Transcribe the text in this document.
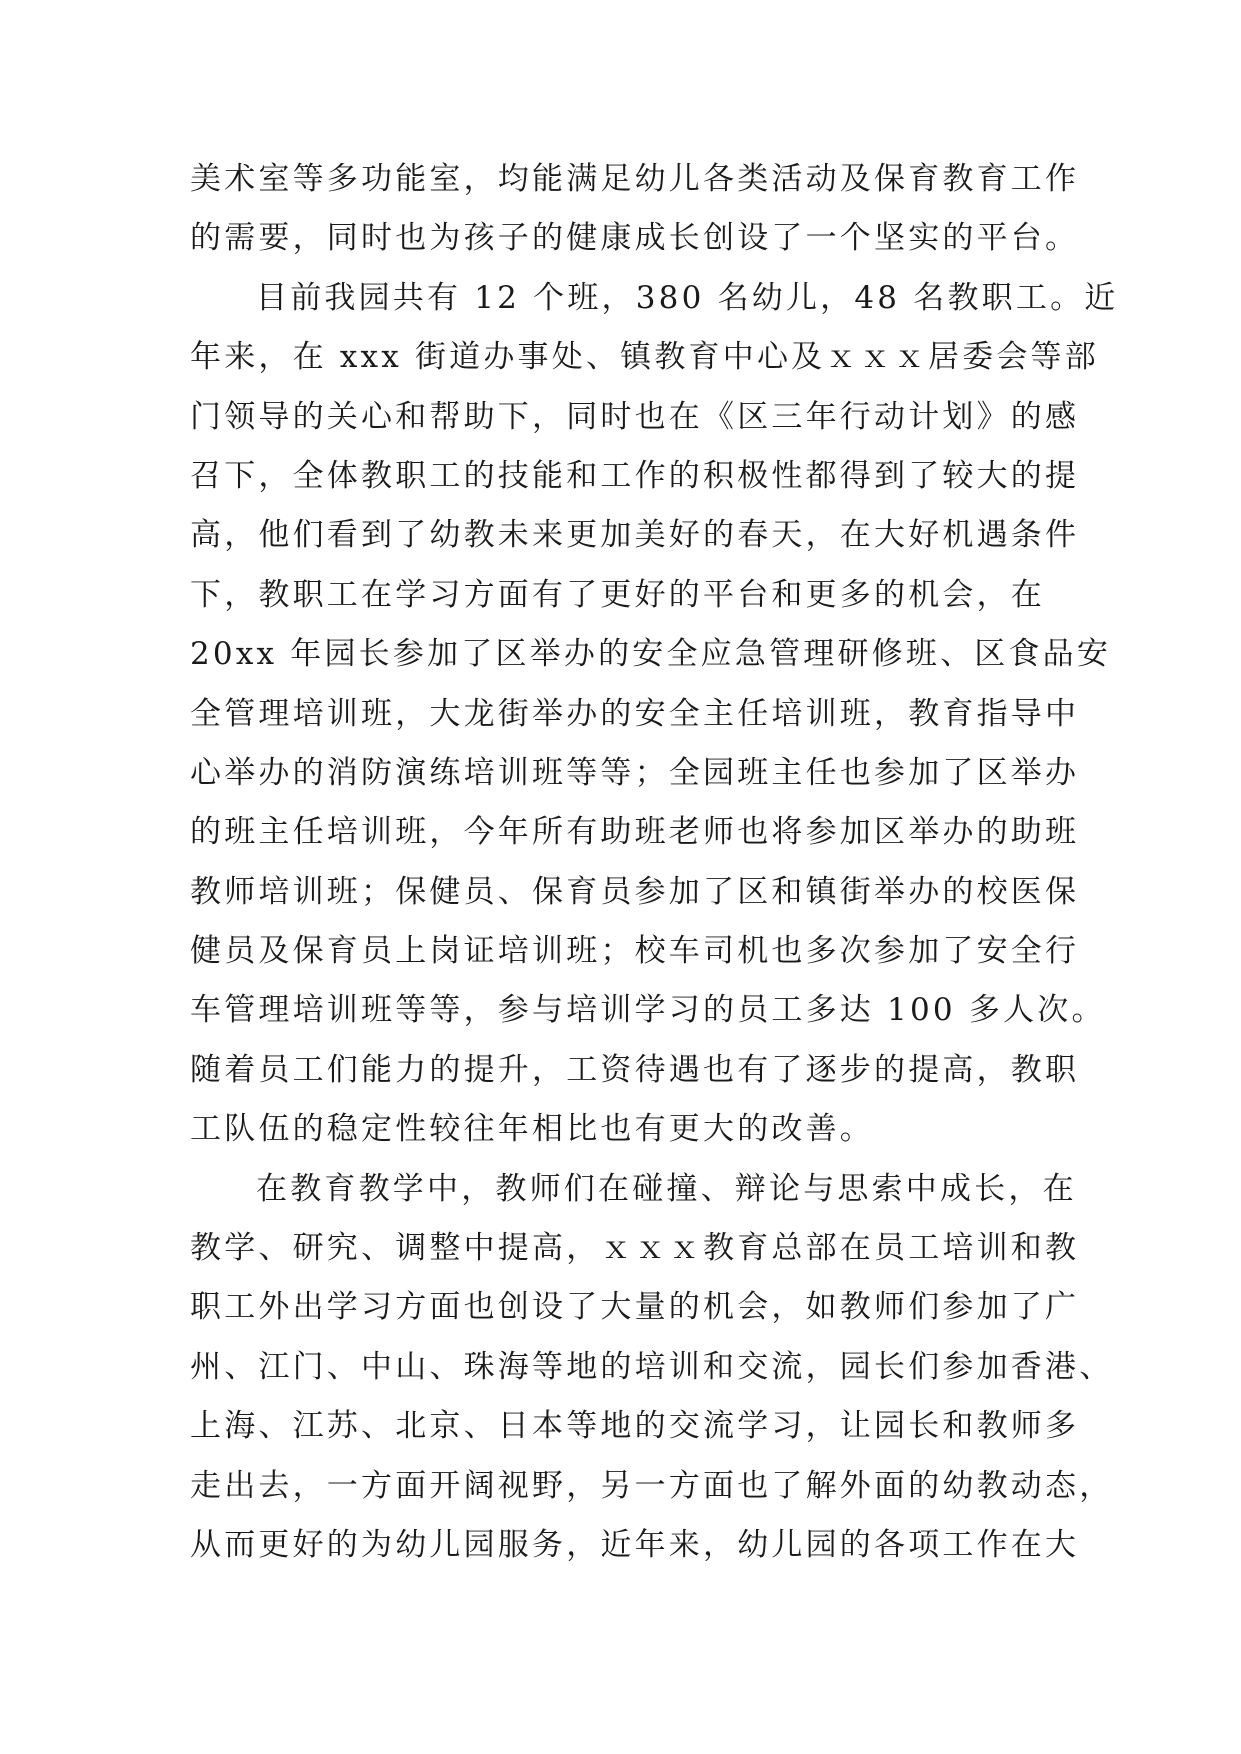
美术室等多功能室，均能满足幼儿各类活动及保育教育工作
的需要，同时也为孩子的健康成长创设了一个坚实的平台。
目前我园共有 12 个班，380 名幼儿，48 名教职工。近
年来，在 xxx 街道办事处、镇教育中心及ｘｘｘ居委会等部
门领导的关心和帮助下，同时也在《区三年行动计划》的感
召下，全体教职工的技能和工作的积极性都得到了较大的提
高，他们看到了幼教未来更加美好的春天，在大好机遇条件
下，教职工在学习方面有了更好的平台和更多的机会，在
20xx 年园长参加了区举办的安全应急管理研修班、区食品安
全管理培训班，大龙街举办的安全主任培训班，教育指导中
心举办的消防演练培训班等等；全园班主任也参加了区举办
的班主任培训班，今年所有助班老师也将参加区举办的助班
教师培训班；保健员、保育员参加了区和镇街举办的校医保
健员及保育员上岗证培训班；校车司机也多次参加了安全行
车管理培训班等等，参与培训学习的员工多达 100 多人次。
随着员工们能力的提升，工资待遇也有了逐步的提高，教职
工队伍的稳定性较往年相比也有更大的改善。
在教育教学中，教师们在碰撞、辩论与思索中成长，在
教学、研究、调整中提高，ｘｘｘ教育总部在员工培训和教
职工外出学习方面也创设了大量的机会，如教师们参加了广
州、江门、中山、珠海等地的培训和交流，园长们参加香港、
上海、江苏、北京、日本等地的交流学习，让园长和教师多
走出去，一方面开阔视野，另一方面也了解外面的幼教动态，
从而更好的为幼儿园服务，近年来，幼儿园的各项工作在大
